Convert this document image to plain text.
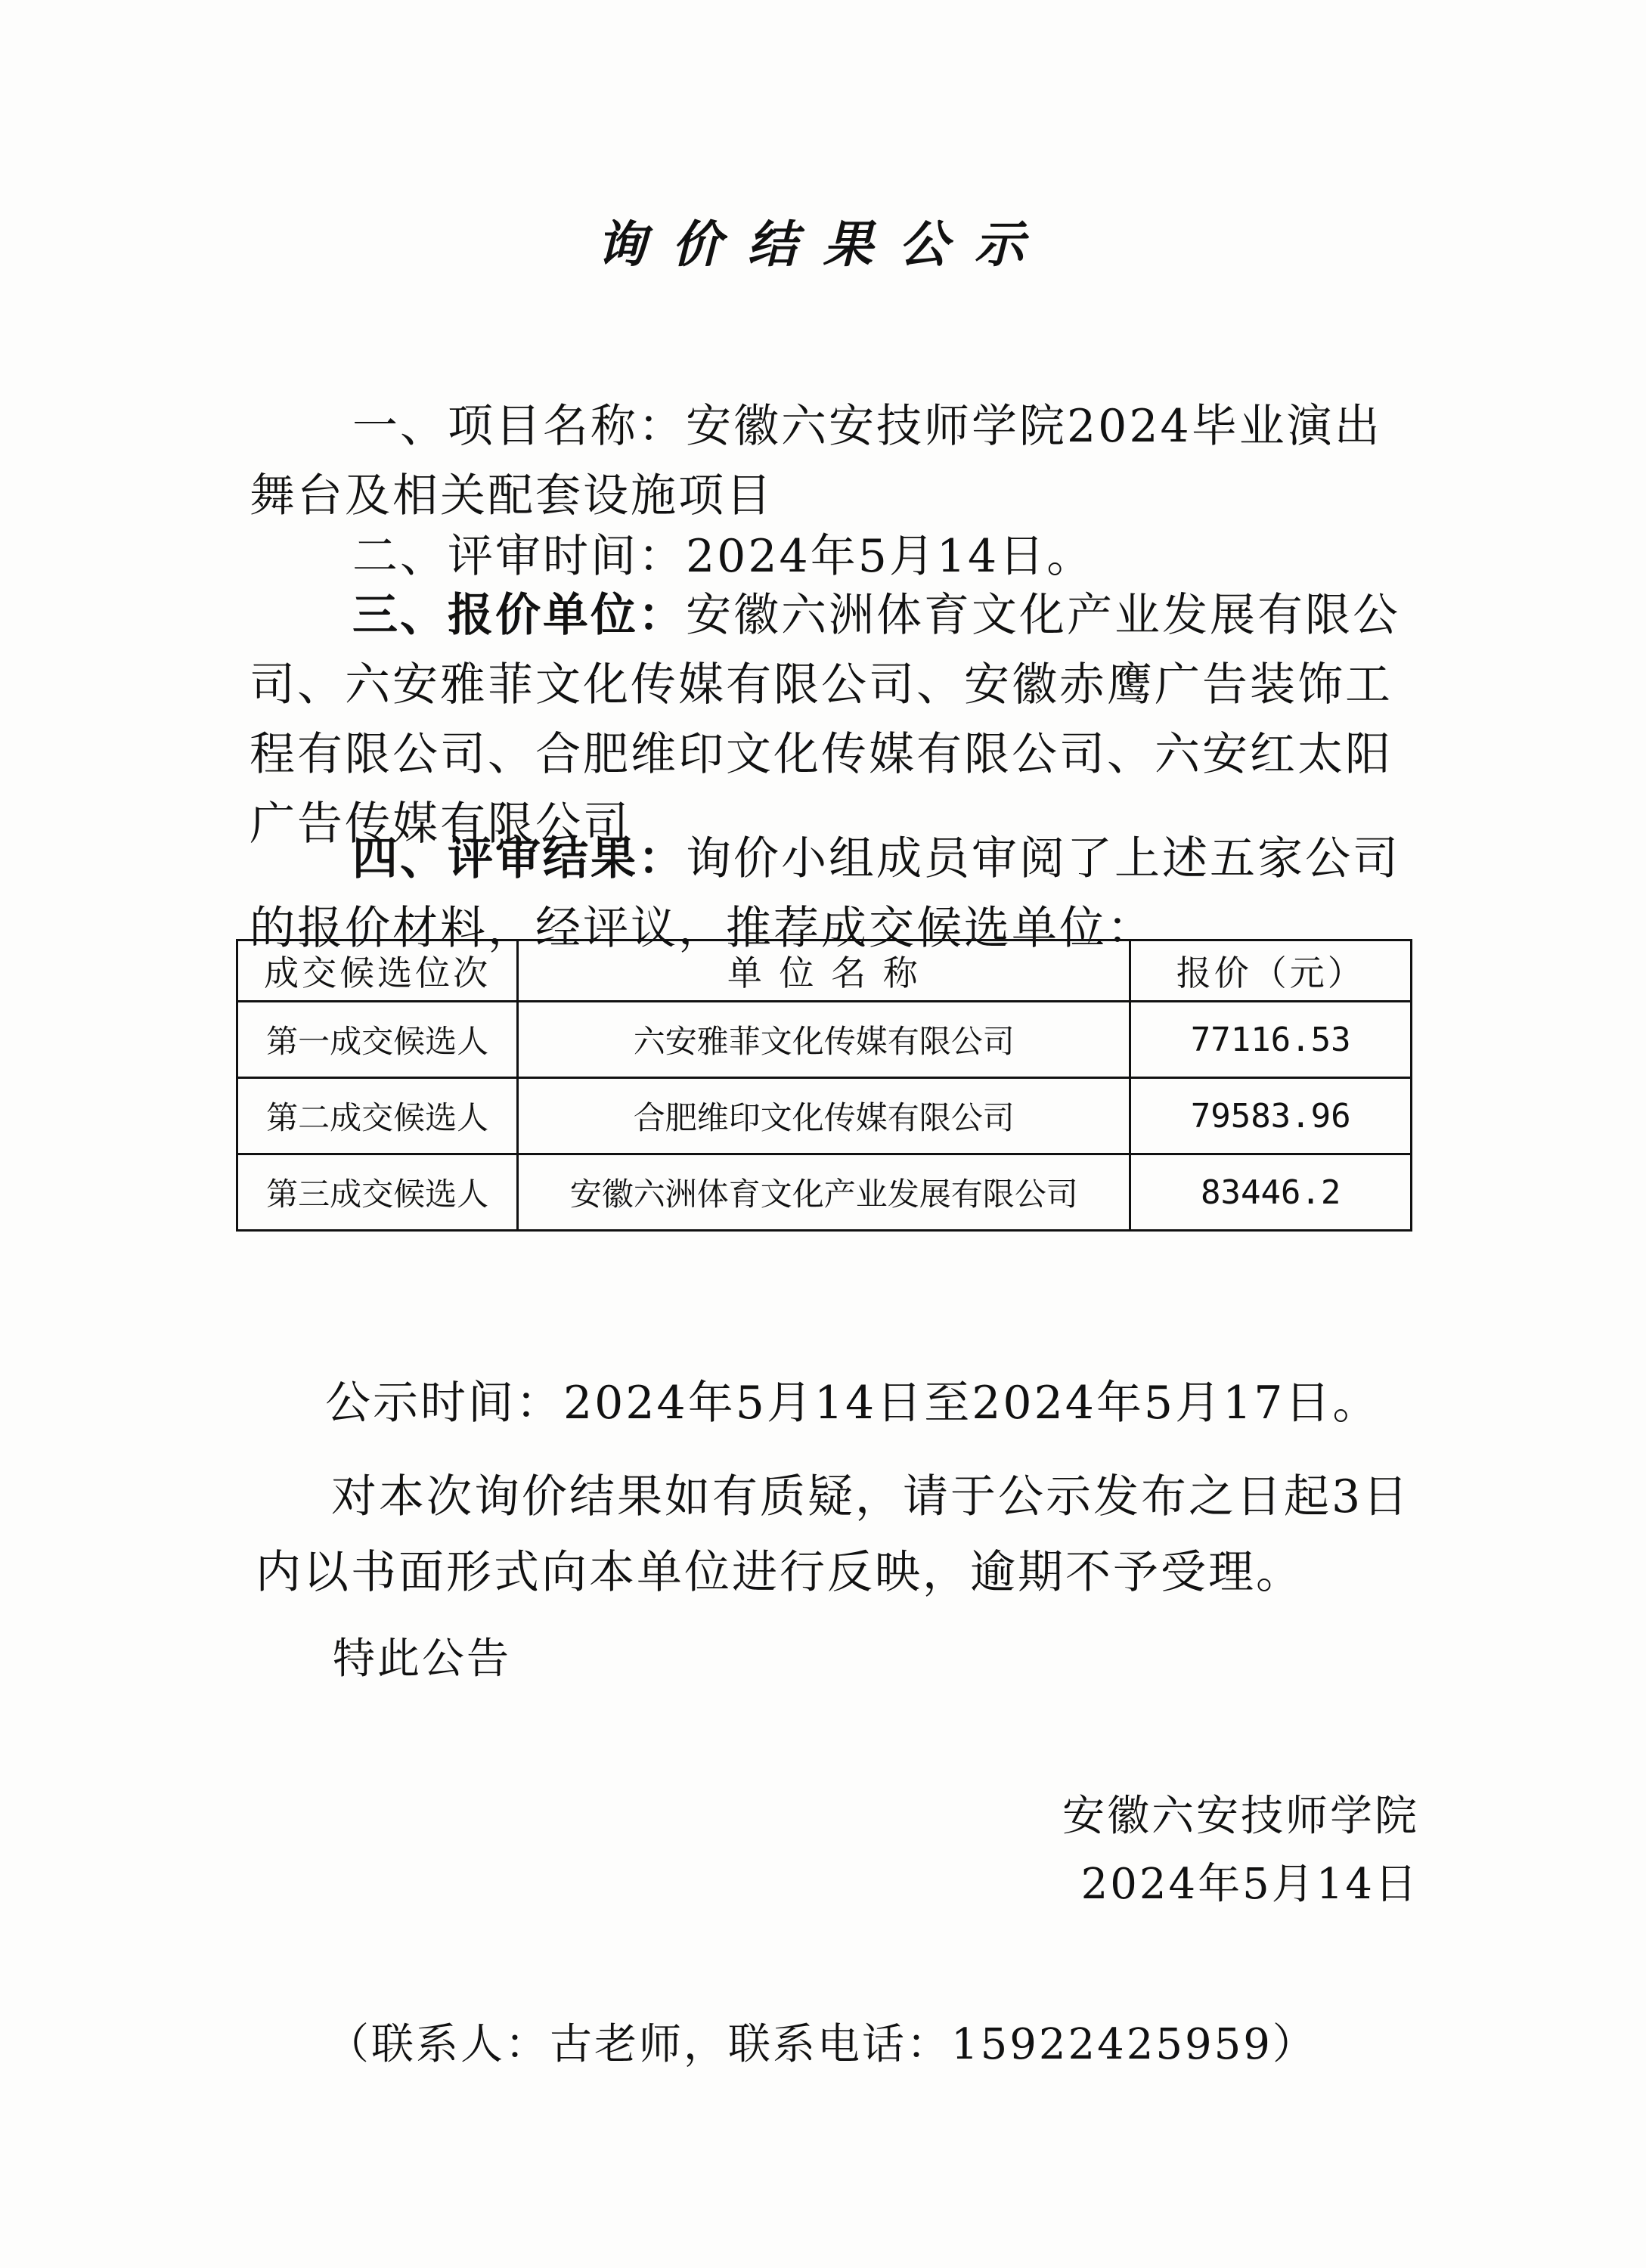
询价结果公示
一、项目名称：安徽六安技师学院2024毕业演出舞台及相关配套设施项目
二、评审时间：2024年5月14日。
三、报价单位：安徽六洲体育文化产业发展有限公司、六安雅菲文化传媒有限公司、安徽赤鹰广告装饰工程有限公司、合肥维印文化传媒有限公司、六安红太阳广告传媒有限公司
四、评审结果：询价小组成员审阅了上述五家公司的报价材料，经评议，推荐成交候选单位：
成交候选位次	单 位 名 称	报价（元）
第一成交候选人	六安雅菲文化传媒有限公司	77116.53
第二成交候选人	合肥维印文化传媒有限公司	79583.96
第三成交候选人	安徽六洲体育文化产业发展有限公司	83446.2
公示时间：2024年5月14日至2024年5月17日。
对本次询价结果如有质疑，请于公示发布之日起3日内以书面形式向本单位进行反映，逾期不予受理。
特此公告
安徽六安技师学院
2024年5月14日
（联系人：古老师，联系电话：15922425959）
